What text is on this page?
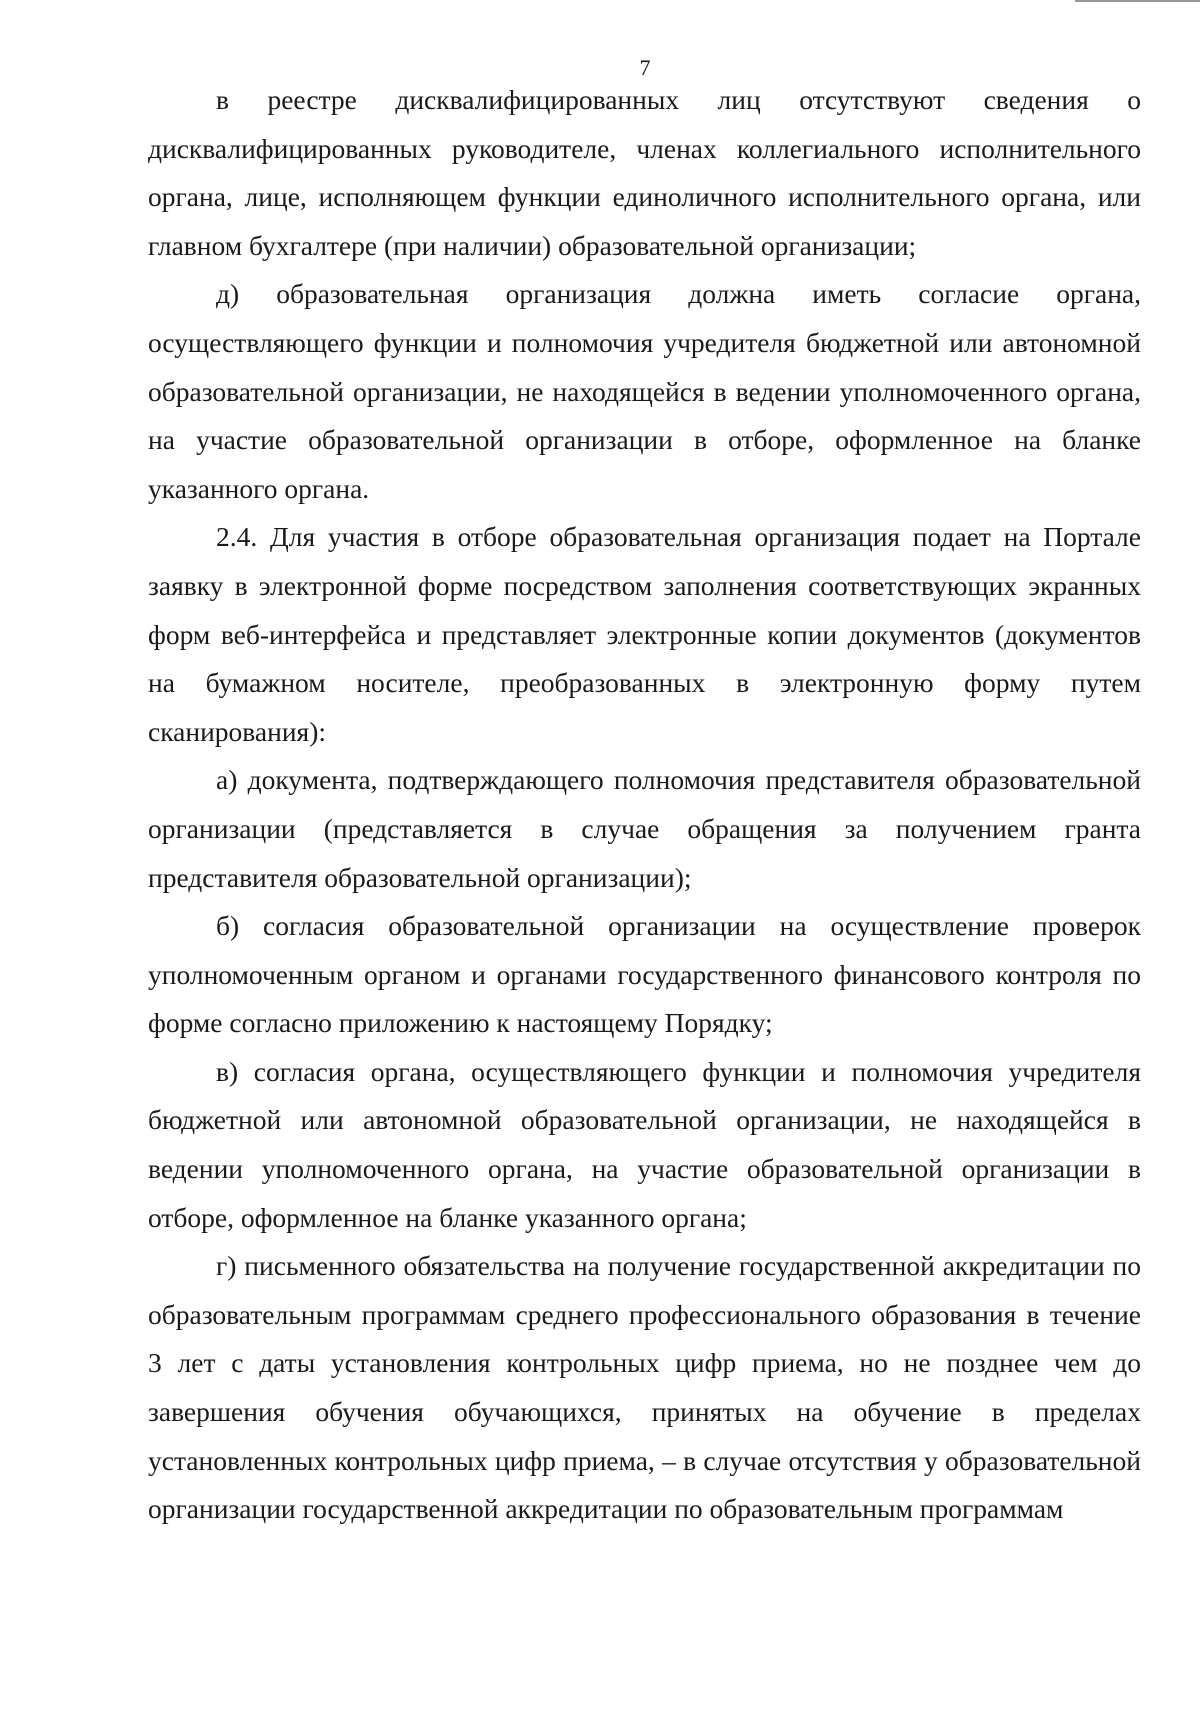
7

в реестре дисквалифицированных лиц отсутствуют сведения о дисквалифицированных руководителе, членах коллегиального исполнительного органа, лице, исполняющем функции единоличного исполнительного органа, или главном бухгалтере (при наличии) образовательной организации;

д) образовательная организация должна иметь согласие органа, осуществляющего функции и полномочия учредителя бюджетной или автономной образовательной организации, не находящейся в ведении уполномоченного органа, на участие образовательной организации в отборе, оформленное на бланке указанного органа.

2.4. Для участия в отборе образовательная организация подает на Портале заявку в электронной форме посредством заполнения соответствующих экранных форм веб-интерфейса и представляет электронные копии документов (документов на бумажном носителе, преобразованных в электронную форму путем сканирования):

а) документа, подтверждающего полномочия представителя образовательной организации (представляется в случае обращения за получением гранта представителя образовательной организации);

б) согласия образовательной организации на осуществление проверок уполномоченным органом и органами государственного финансового контроля по форме согласно приложению к настоящему Порядку;

в) согласия органа, осуществляющего функции и полномочия учредителя бюджетной или автономной образовательной организации, не находящейся в ведении уполномоченного органа, на участие образовательной организации в отборе, оформленное на бланке указанного органа;

г) письменного обязательства на получение государственной аккредитации по образовательным программам среднего профессионального образования в течение 3 лет с даты установления контрольных цифр приема, но не позднее чем до завершения обучения обучающихся, принятых на обучение в пределах установленных контрольных цифр приема, – в случае отсутствия у образовательной организации государственной аккредитации по образовательным программам
